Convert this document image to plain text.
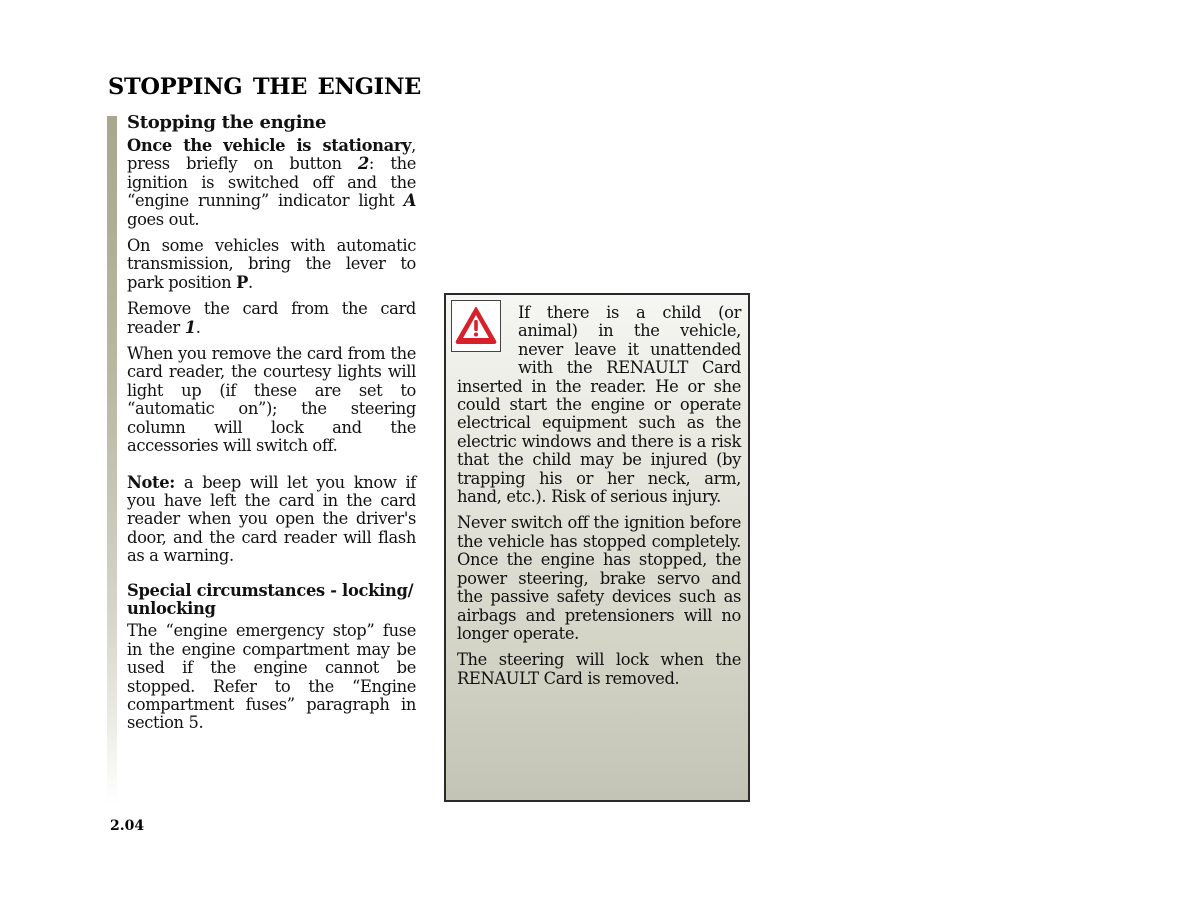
STOPPING THE ENGINE
Stopping the engine

Once the vehicle is stationary, press briefly on button 2: the ignition is switched off and the “engine running” indicator light A goes out.

On some vehicles with automatic transmission, bring the lever to park position P.

Remove the card from the card reader 1.

When you remove the card from the card reader, the courtesy lights will light up (if these are set to “automatic on”); the steering column will lock and the accessories will switch off.

Note: a beep will let you know if you have left the card in the card reader when you open the driver's door, and the card reader will flash as a warning.

Special circumstances - locking/ unlocking

The “engine emergency stop” fuse in the engine compartment may be used if the engine cannot be stopped. Refer to the “Engine compartment fuses” paragraph in section 5.

If there is a child (or animal) in the vehicle, never leave it unattended with the RENAULT Card inserted in the reader. He or she could start the engine or operate electrical equipment such as the electric windows and there is a risk that the child may be injured (by trapping his or her neck, arm, hand, etc.). Risk of serious injury.

Never switch off the ignition before the vehicle has stopped completely. Once the engine has stopped, the power steering, brake servo and the passive safety devices such as airbags and pretensioners will no longer operate.

The steering will lock when the RENAULT Card is removed.

2.04
